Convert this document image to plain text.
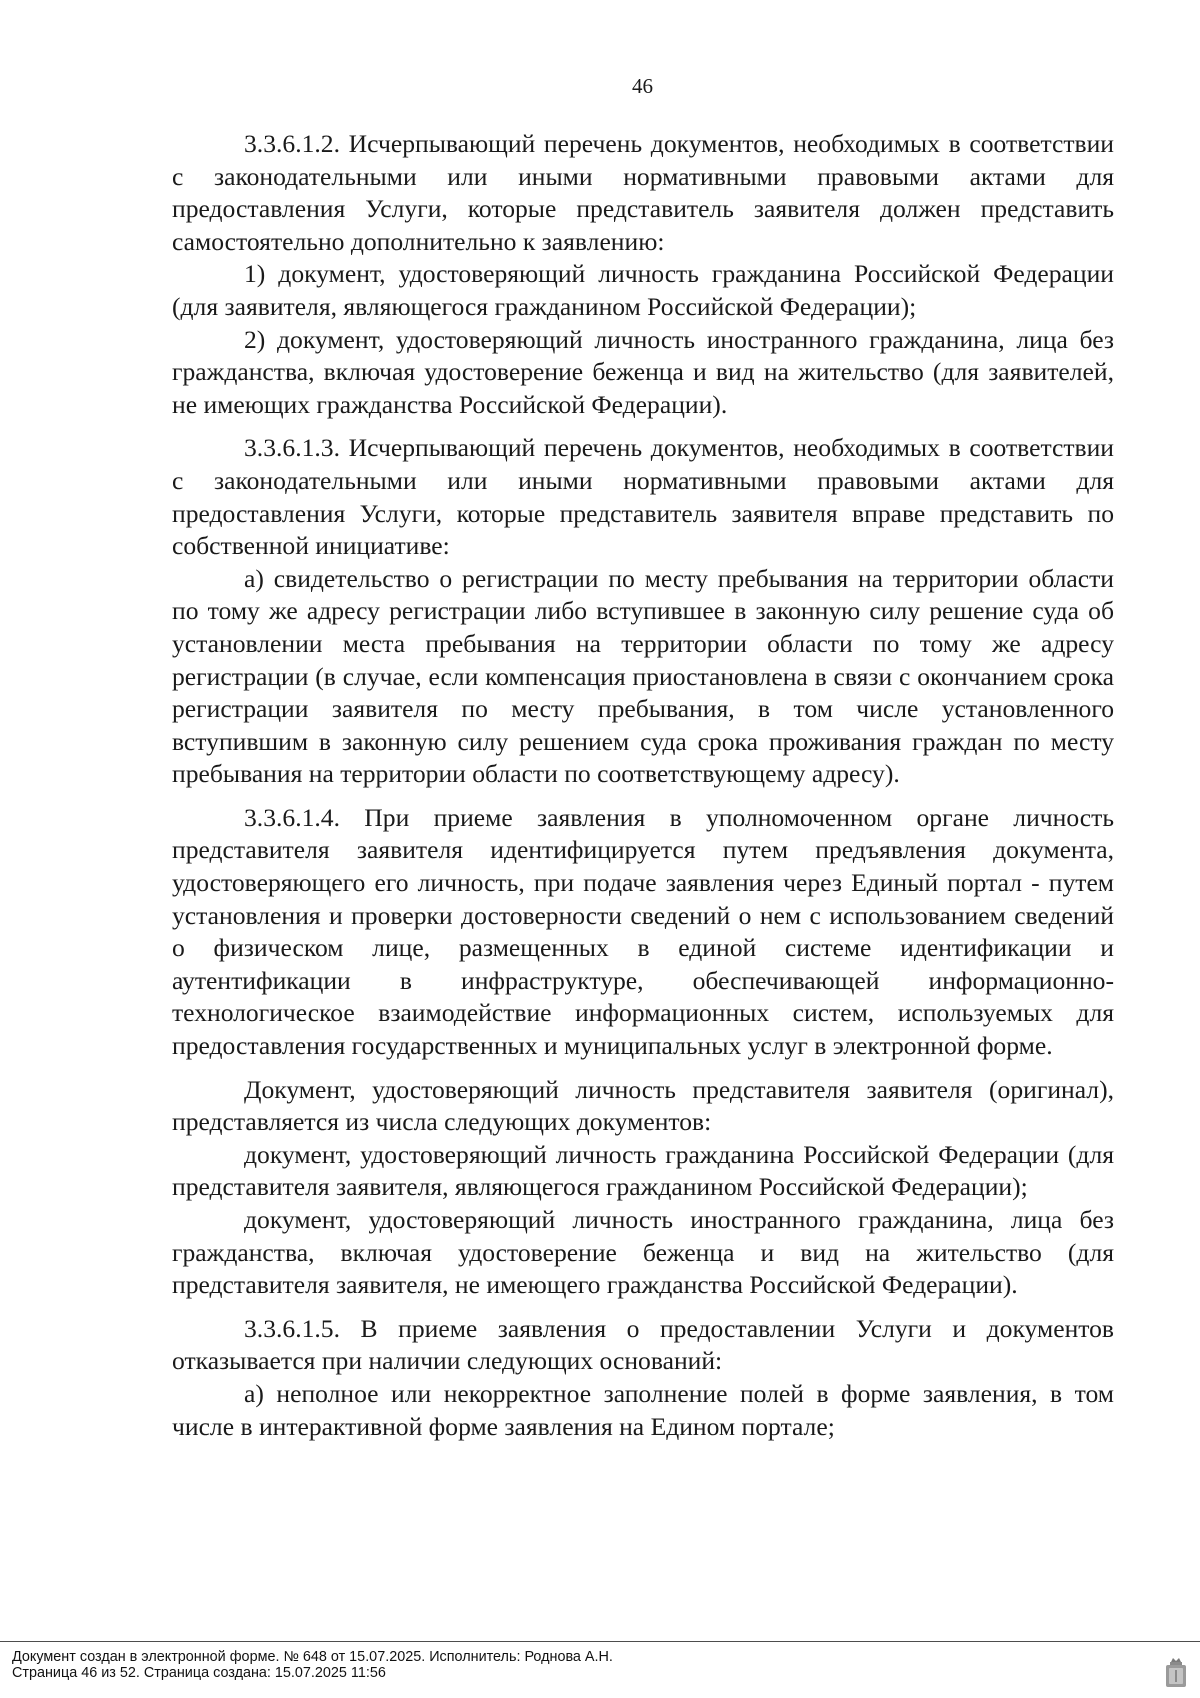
46

3.3.6.1.2. Исчерпывающий перечень документов, необходимых в соответствии с законодательными или иными нормативными правовыми актами для предоставления Услуги, которые представитель заявителя должен представить самостоятельно дополнительно к заявлению:

1) документ, удостоверяющий личность гражданина Российской Федерации (для заявителя, являющегося гражданином Российской Федерации);

2) документ, удостоверяющий личность иностранного гражданина, лица без гражданства, включая удостоверение беженца и вид на жительство (для заявителей, не имеющих гражданства Российской Федерации).

3.3.6.1.3. Исчерпывающий перечень документов, необходимых в соответствии с законодательными или иными нормативными правовыми актами для предоставления Услуги, которые представитель заявителя вправе представить по собственной инициативе:

а) свидетельство о регистрации по месту пребывания на территории области по тому же адресу регистрации либо вступившее в законную силу решение суда об установлении места пребывания на территории области по тому же адресу регистрации (в случае, если компенсация приостановлена в связи с окончанием срока регистрации заявителя по месту пребывания, в том числе установленного вступившим в законную силу решением суда срока проживания граждан по месту пребывания на территории области по соответствующему адресу).

3.3.6.1.4. При приеме заявления в уполномоченном органе личность представителя заявителя идентифицируется путем предъявления документа, удостоверяющего его личность, при подаче заявления через Единый портал - путем установления и проверки достоверности сведений о нем с использованием сведений о физическом лице, размещенных в единой системе идентификации и аутентификации в инфраструктуре, обеспечивающей информационно-технологическое взаимодействие информационных систем, используемых для предоставления государственных и муниципальных услуг в электронной форме.

Документ, удостоверяющий личность представителя заявителя (оригинал), представляется из числа следующих документов:

документ, удостоверяющий личность гражданина Российской Федерации (для представителя заявителя, являющегося гражданином Российской Федерации);

документ, удостоверяющий личность иностранного гражданина, лица без гражданства, включая удостоверение беженца и вид на жительство (для представителя заявителя, не имеющего гражданства Российской Федерации).

3.3.6.1.5. В приеме заявления о предоставлении Услуги и документов отказывается при наличии следующих оснований:

а) неполное или некорректное заполнение полей в форме заявления, в том числе в интерактивной форме заявления на Едином портале;

Документ создан в электронной форме. № 648 от 15.07.2025. Исполнитель: Роднова А.Н.
Страница 46 из 52. Страница создана: 15.07.2025 11:56
